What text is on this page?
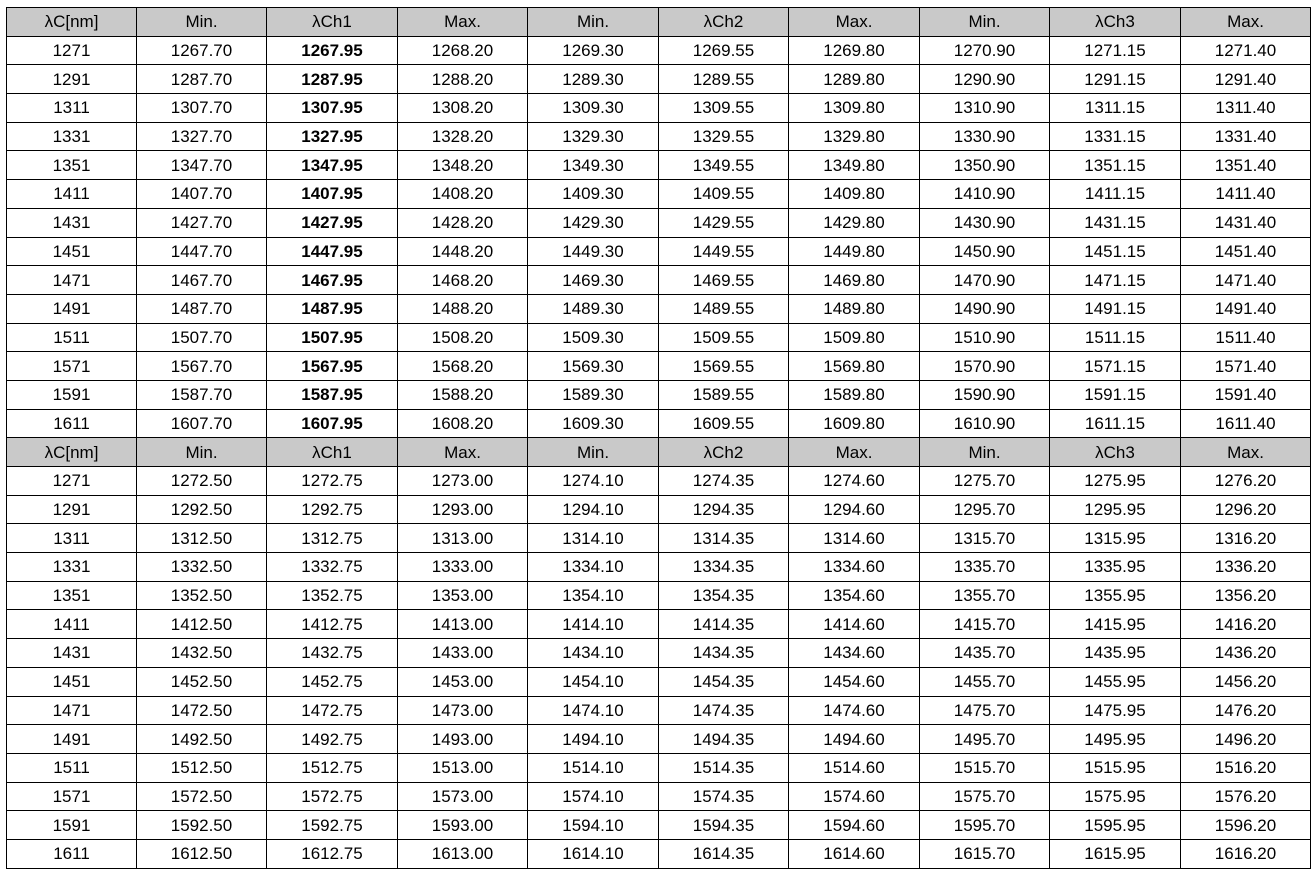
λC[nm]	Min.	λCh1	Max.	Min.	λCh2	Max.	Min.	λCh3	Max.
1271	1267.70	1267.95	1268.20	1269.30	1269.55	1269.80	1270.90	1271.15	1271.40
1291	1287.70	1287.95	1288.20	1289.30	1289.55	1289.80	1290.90	1291.15	1291.40
1311	1307.70	1307.95	1308.20	1309.30	1309.55	1309.80	1310.90	1311.15	1311.40
1331	1327.70	1327.95	1328.20	1329.30	1329.55	1329.80	1330.90	1331.15	1331.40
1351	1347.70	1347.95	1348.20	1349.30	1349.55	1349.80	1350.90	1351.15	1351.40
1411	1407.70	1407.95	1408.20	1409.30	1409.55	1409.80	1410.90	1411.15	1411.40
1431	1427.70	1427.95	1428.20	1429.30	1429.55	1429.80	1430.90	1431.15	1431.40
1451	1447.70	1447.95	1448.20	1449.30	1449.55	1449.80	1450.90	1451.15	1451.40
1471	1467.70	1467.95	1468.20	1469.30	1469.55	1469.80	1470.90	1471.15	1471.40
1491	1487.70	1487.95	1488.20	1489.30	1489.55	1489.80	1490.90	1491.15	1491.40
1511	1507.70	1507.95	1508.20	1509.30	1509.55	1509.80	1510.90	1511.15	1511.40
1571	1567.70	1567.95	1568.20	1569.30	1569.55	1569.80	1570.90	1571.15	1571.40
1591	1587.70	1587.95	1588.20	1589.30	1589.55	1589.80	1590.90	1591.15	1591.40
1611	1607.70	1607.95	1608.20	1609.30	1609.55	1609.80	1610.90	1611.15	1611.40
λC[nm]	Min.	λCh1	Max.	Min.	λCh2	Max.	Min.	λCh3	Max.
1271	1272.50	1272.75	1273.00	1274.10	1274.35	1274.60	1275.70	1275.95	1276.20
1291	1292.50	1292.75	1293.00	1294.10	1294.35	1294.60	1295.70	1295.95	1296.20
1311	1312.50	1312.75	1313.00	1314.10	1314.35	1314.60	1315.70	1315.95	1316.20
1331	1332.50	1332.75	1333.00	1334.10	1334.35	1334.60	1335.70	1335.95	1336.20
1351	1352.50	1352.75	1353.00	1354.10	1354.35	1354.60	1355.70	1355.95	1356.20
1411	1412.50	1412.75	1413.00	1414.10	1414.35	1414.60	1415.70	1415.95	1416.20
1431	1432.50	1432.75	1433.00	1434.10	1434.35	1434.60	1435.70	1435.95	1436.20
1451	1452.50	1452.75	1453.00	1454.10	1454.35	1454.60	1455.70	1455.95	1456.20
1471	1472.50	1472.75	1473.00	1474.10	1474.35	1474.60	1475.70	1475.95	1476.20
1491	1492.50	1492.75	1493.00	1494.10	1494.35	1494.60	1495.70	1495.95	1496.20
1511	1512.50	1512.75	1513.00	1514.10	1514.35	1514.60	1515.70	1515.95	1516.20
1571	1572.50	1572.75	1573.00	1574.10	1574.35	1574.60	1575.70	1575.95	1576.20
1591	1592.50	1592.75	1593.00	1594.10	1594.35	1594.60	1595.70	1595.95	1596.20
1611	1612.50	1612.75	1613.00	1614.10	1614.35	1614.60	1615.70	1615.95	1616.20
